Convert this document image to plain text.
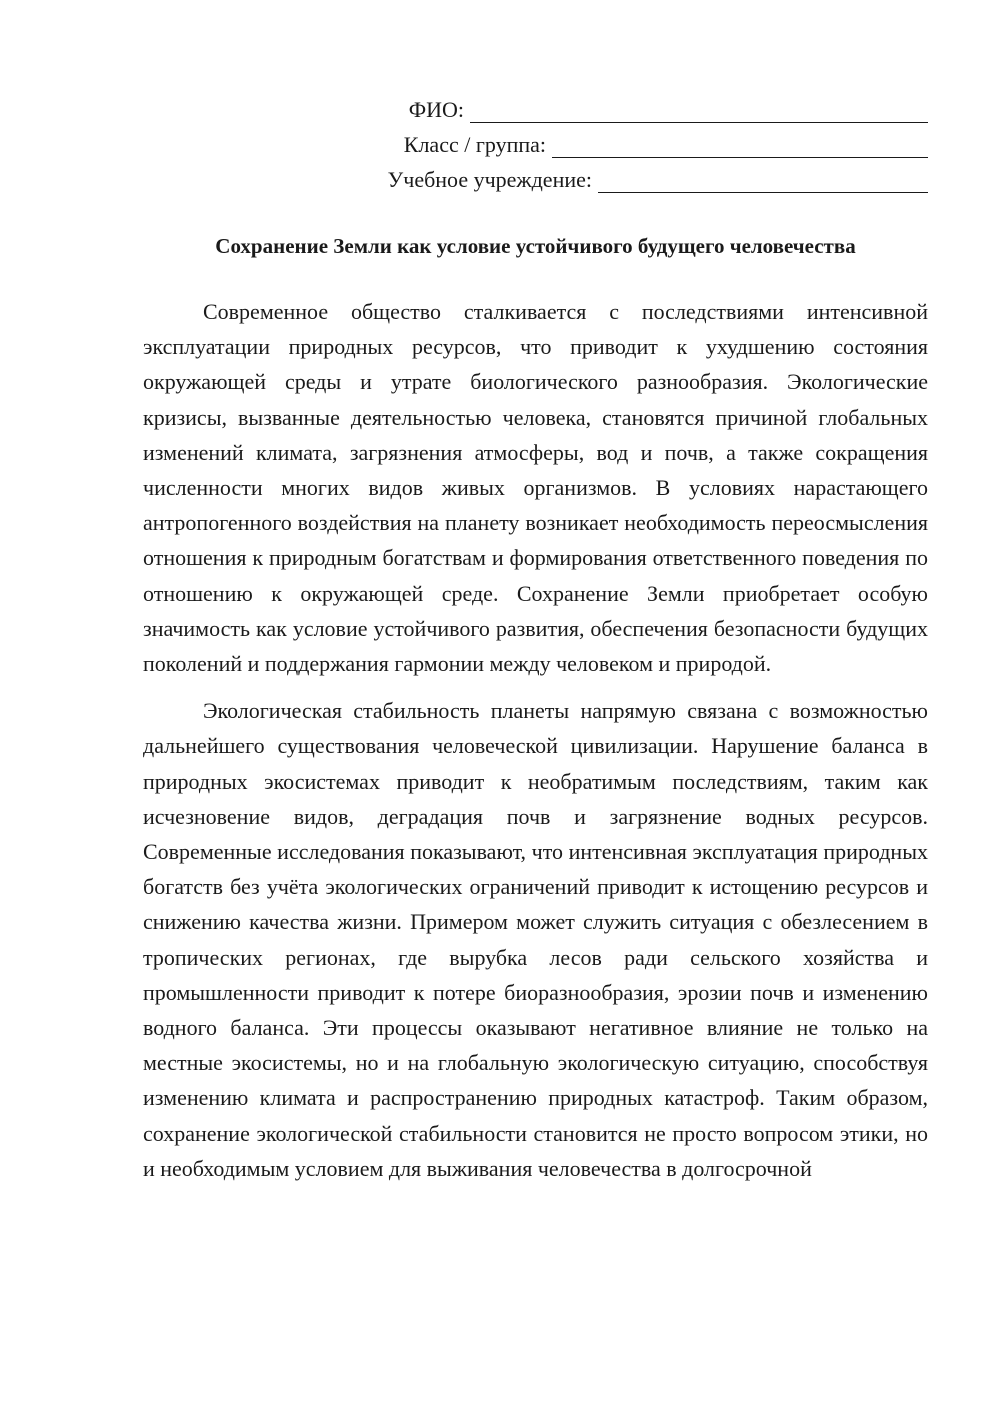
ФИО:
Класс / группа:
Учебное учреждение:
Сохранение Земли как условие устойчивого будущего человечества

Современное общество сталкивается с последствиями интенсивной эксплуатации природных ресурсов, что приводит к ухудшению состояния окружающей среды и утрате биологического разнообразия. Экологические кризисы, вызванные деятельностью человека, становятся причиной глобальных изменений климата, загрязнения атмосферы, вод и почв, а также сокращения численности многих видов живых организмов. В условиях нарастающего антропогенного воздействия на планету возникает необходимость переосмысления отношения к природным богатствам и формирования ответственного поведения по отношению к окружающей среде. Сохранение Земли приобретает особую значимость как условие устойчивого развития, обеспечения безопасности будущих поколений и поддержания гармонии между человеком и природой.

Экологическая стабильность планеты напрямую связана с возможностью дальнейшего существования человеческой цивилизации. Нарушение баланса в природных экосистемах приводит к необратимым последствиям, таким как исчезновение видов, деградация почв и загрязнение водных ресурсов. Современные исследования показывают, что интенсивная эксплуатация природных богатств без учёта экологических ограничений приводит к истощению ресурсов и снижению качества жизни. Примером может служить ситуация с обезлесением в тропических регионах, где вырубка лесов ради сельского хозяйства и промышленности приводит к потере биоразнообразия, эрозии почв и изменению водного баланса. Эти процессы оказывают негативное влияние не только на местные экосистемы, но и на глобальную экологическую ситуацию, способствуя изменению климата и распространению природных катастроф. Таким образом, сохранение экологической стабильности становится не просто вопросом этики, но и необходимым условием для выживания человечества в долгосрочной
